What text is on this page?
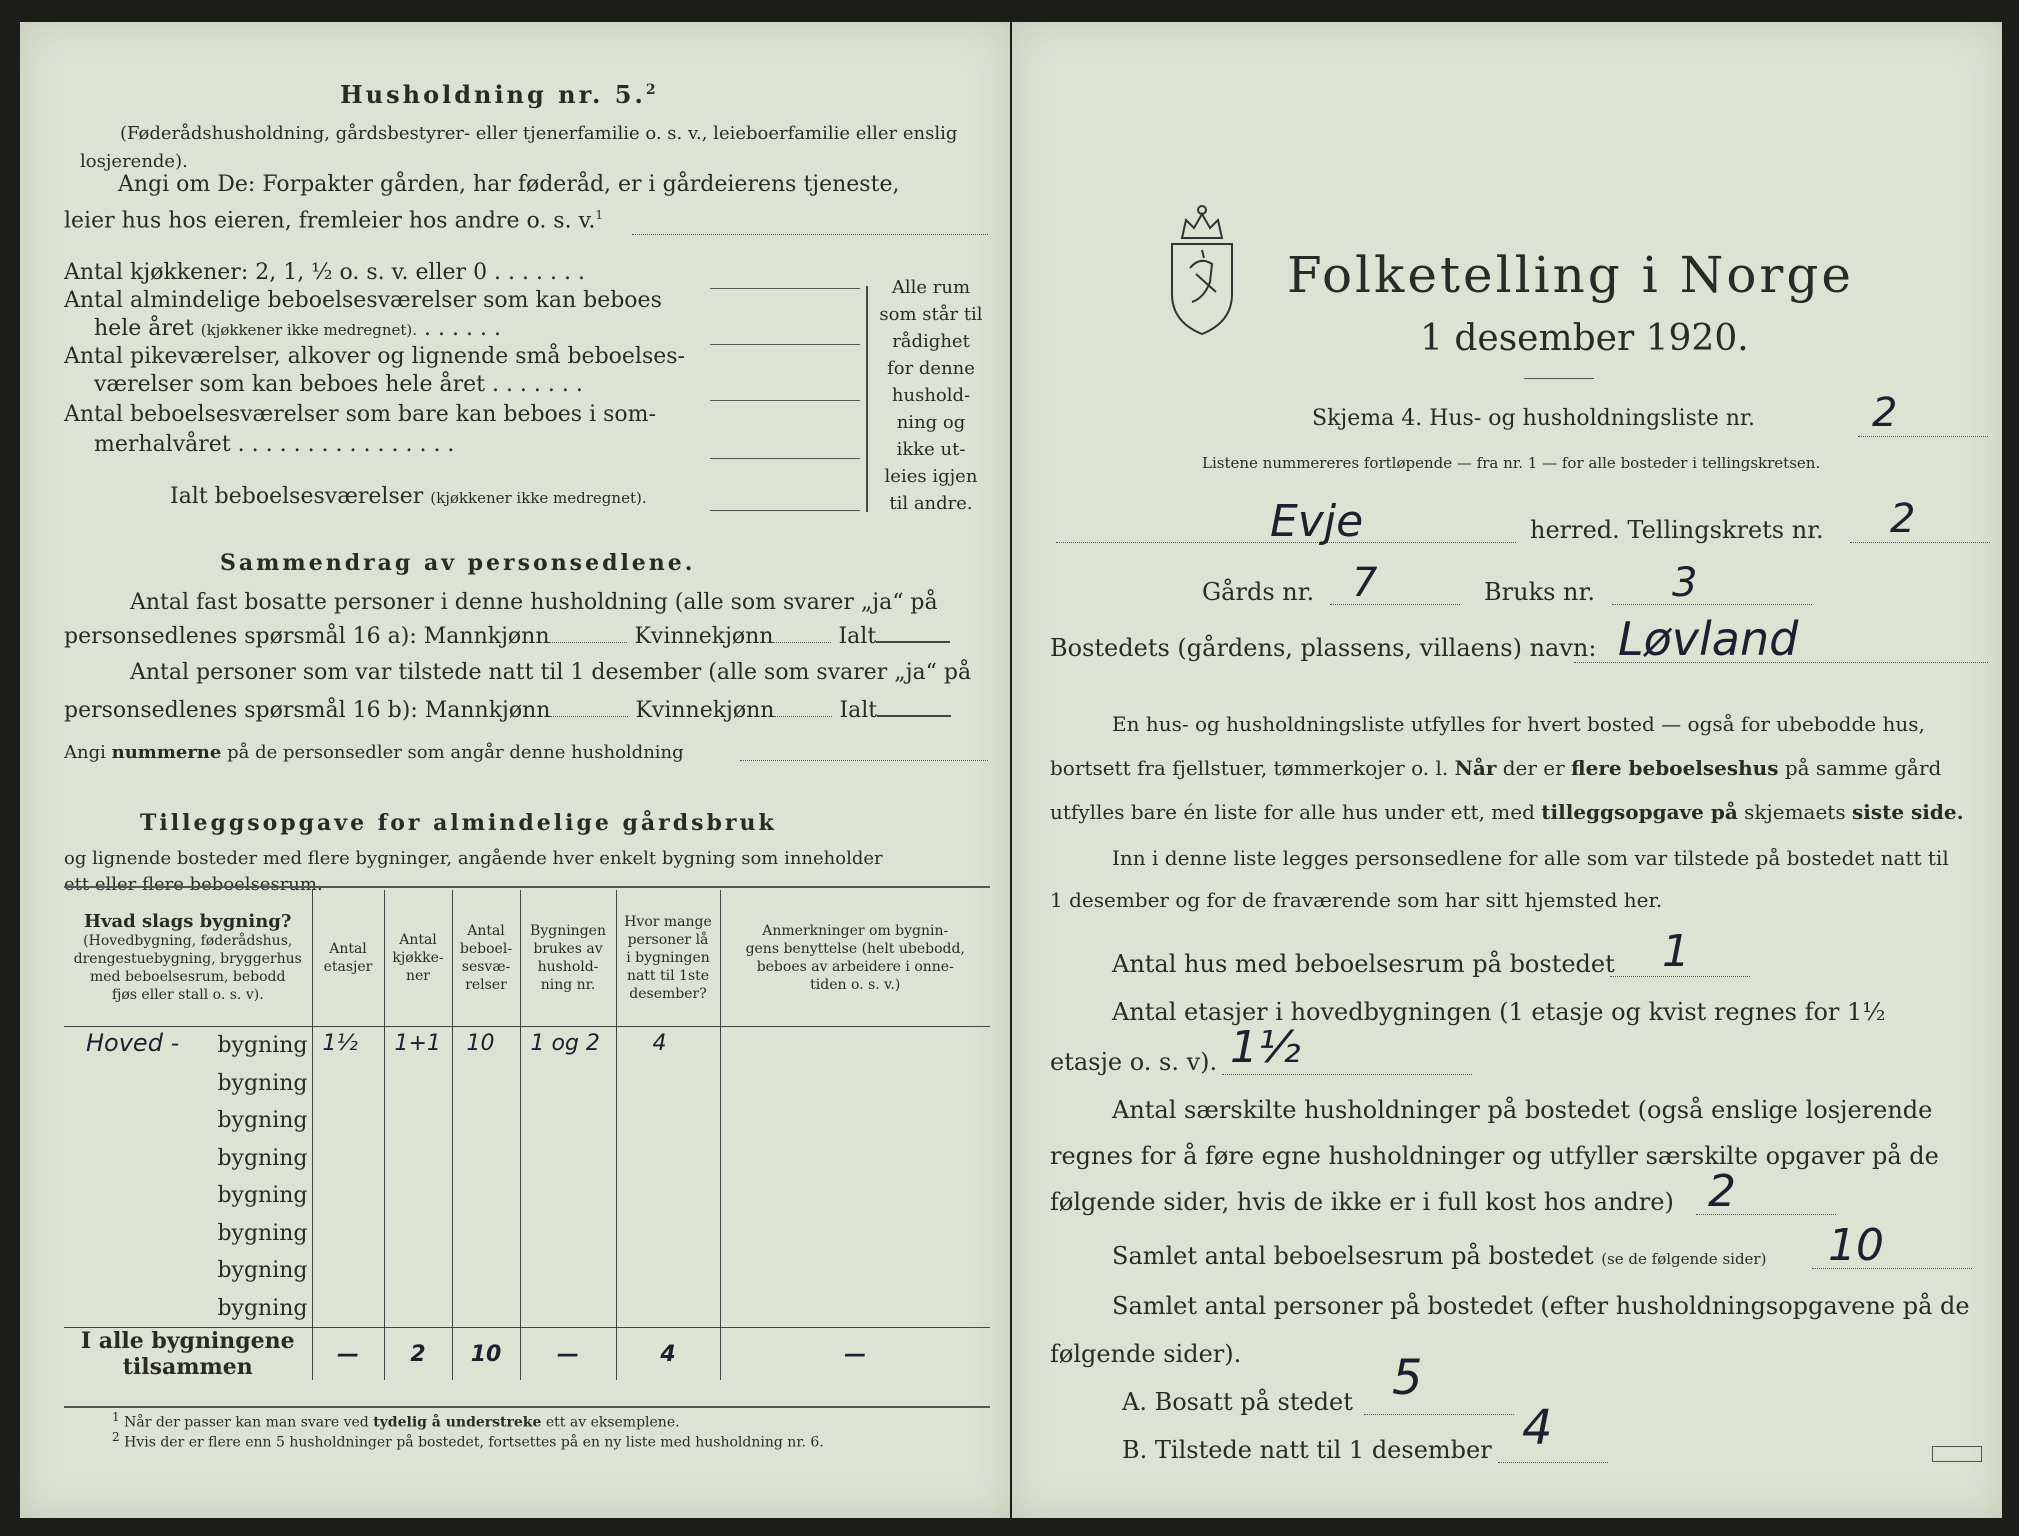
Husholdning nr. 5.$^2$
(Føderådshusholdning, gårdsbestyrer- eller tjenerfamilie o. s. v., leieboerfamilie eller enslig losjerende).
Angi om De: Forpakter gården, har føderåd, er i gårdeierens tjeneste,
leier hus hos eieren, fremleier hos andre o. s. v.$^1$
Antal kjøkkener: 2, 1, ½ o. s. v. eller 0 . . . . . . .
Antal almindelige beboelsesværelser som kan beboes
hele året (kjøkkener ikke medregnet). . . . . . .
Antal pikeværelser, alkover og lignende små beboelses-
værelser som kan beboes hele året . . . . . . .
Antal beboelsesværelser som bare kan beboes i som-
merhalvåret . . . . . . . . . . . . . . . .
Ialt beboelsesværelser (kjøkkener ikke medregnet).
Alle rum
som står til
rådighet
for denne
hushold-
ning og
ikke ut-
leies igjen
til andre.
Sammendrag av personsedlene.
Antal fast bosatte personer i denne husholdning (alle som svarer „ja“ på
personsedlenes spørsmål 16 a): Mannkjønn	Kvinnekjønn	Ialt
Antal personer som var tilstede natt til 1 desember (alle som svarer „ja“ på
personsedlenes spørsmål 16 b): Mannkjønn	Kvinnekjønn	Ialt
Angi nummerne på de personsedler som angår denne husholdning
Tilleggsopgave for almindelige gårdsbruk
og lignende bosteder med flere bygninger, angående hver enkelt bygning som inneholder
ett eller flere beboelsesrum.
Hvad slags bygning?
(Hovedbygning, føderådshus,
drengestuebygning, bryggerhus
med beboelsesrum, bebodd
fjøs eller stall o. s. v).	Antal
etasjer	Antal
kjøkke-
ner	Antal
beboel-
sesvæ-
relser	Bygningen
brukes av
hushold-
ning nr.	Hvor mange
personer lå
i bygningen
natt til 1ste
desember?	Anmerkninger om bygnin-
gens benyttelse (helt ubebodd,
beboes av arbeidere i onne-
tiden o. s. v.)

Hoved - bygning	1½	1+1	10	1 og 2	4	

bygning						
bygning						
bygning						
bygning						
bygning						
bygning						
bygning						
I alle bygningene tilsammen	—	2	10	—	4	—
$^1$ Når der passer kan man svare ved tydelig å understreke ett av eksemplene.
$^2$ Hvis der er flere enn 5 husholdninger på bostedet, fortsettes på en ny liste med husholdning nr. 6.
Folketelling i Norge
1 desember 1920.
Skjema 4. Hus- og husholdningsliste nr.	2
Listene nummereres fortløpende — fra nr. 1 — for alle bosteder i tellingskretsen.
Evje	herred. Tellingskrets nr. 2
Gårds nr. 7	Bruks nr. 3
Bostedets (gårdens, plassens, villaens) navn: Løvland
En hus- og husholdningsliste utfylles for hvert bosted — også for ubebodde hus,
bortsett fra fjellstuer, tømmerkojer o. l. Når der er flere beboelseshus på samme gård
utfylles bare én liste for alle hus under ett, med tilleggsopgave på skjemaets siste side.
Inn i denne liste legges personsedlene for alle som var tilstede på bostedet natt til
1 desember og for de fraværende som har sitt hjemsted her.
Antal hus med beboelsesrum på bostedet 1
Antal etasjer i hovedbygningen (1 etasje og kvist regnes for 1½
etasje o. s. v). 1½
Antal særskilte husholdninger på bostedet (også enslige losjerende
regnes for å føre egne husholdninger og utfyller særskilte opgaver på de
følgende sider, hvis de ikke er i full kost hos andre) 2
Samlet antal beboelsesrum på bostedet (se de følgende sider) 10
Samlet antal personer på bostedet (efter husholdningsopgavene på de
følgende sider).
A. Bosatt på stedet 5
B. Tilstede natt til 1 desember 4
